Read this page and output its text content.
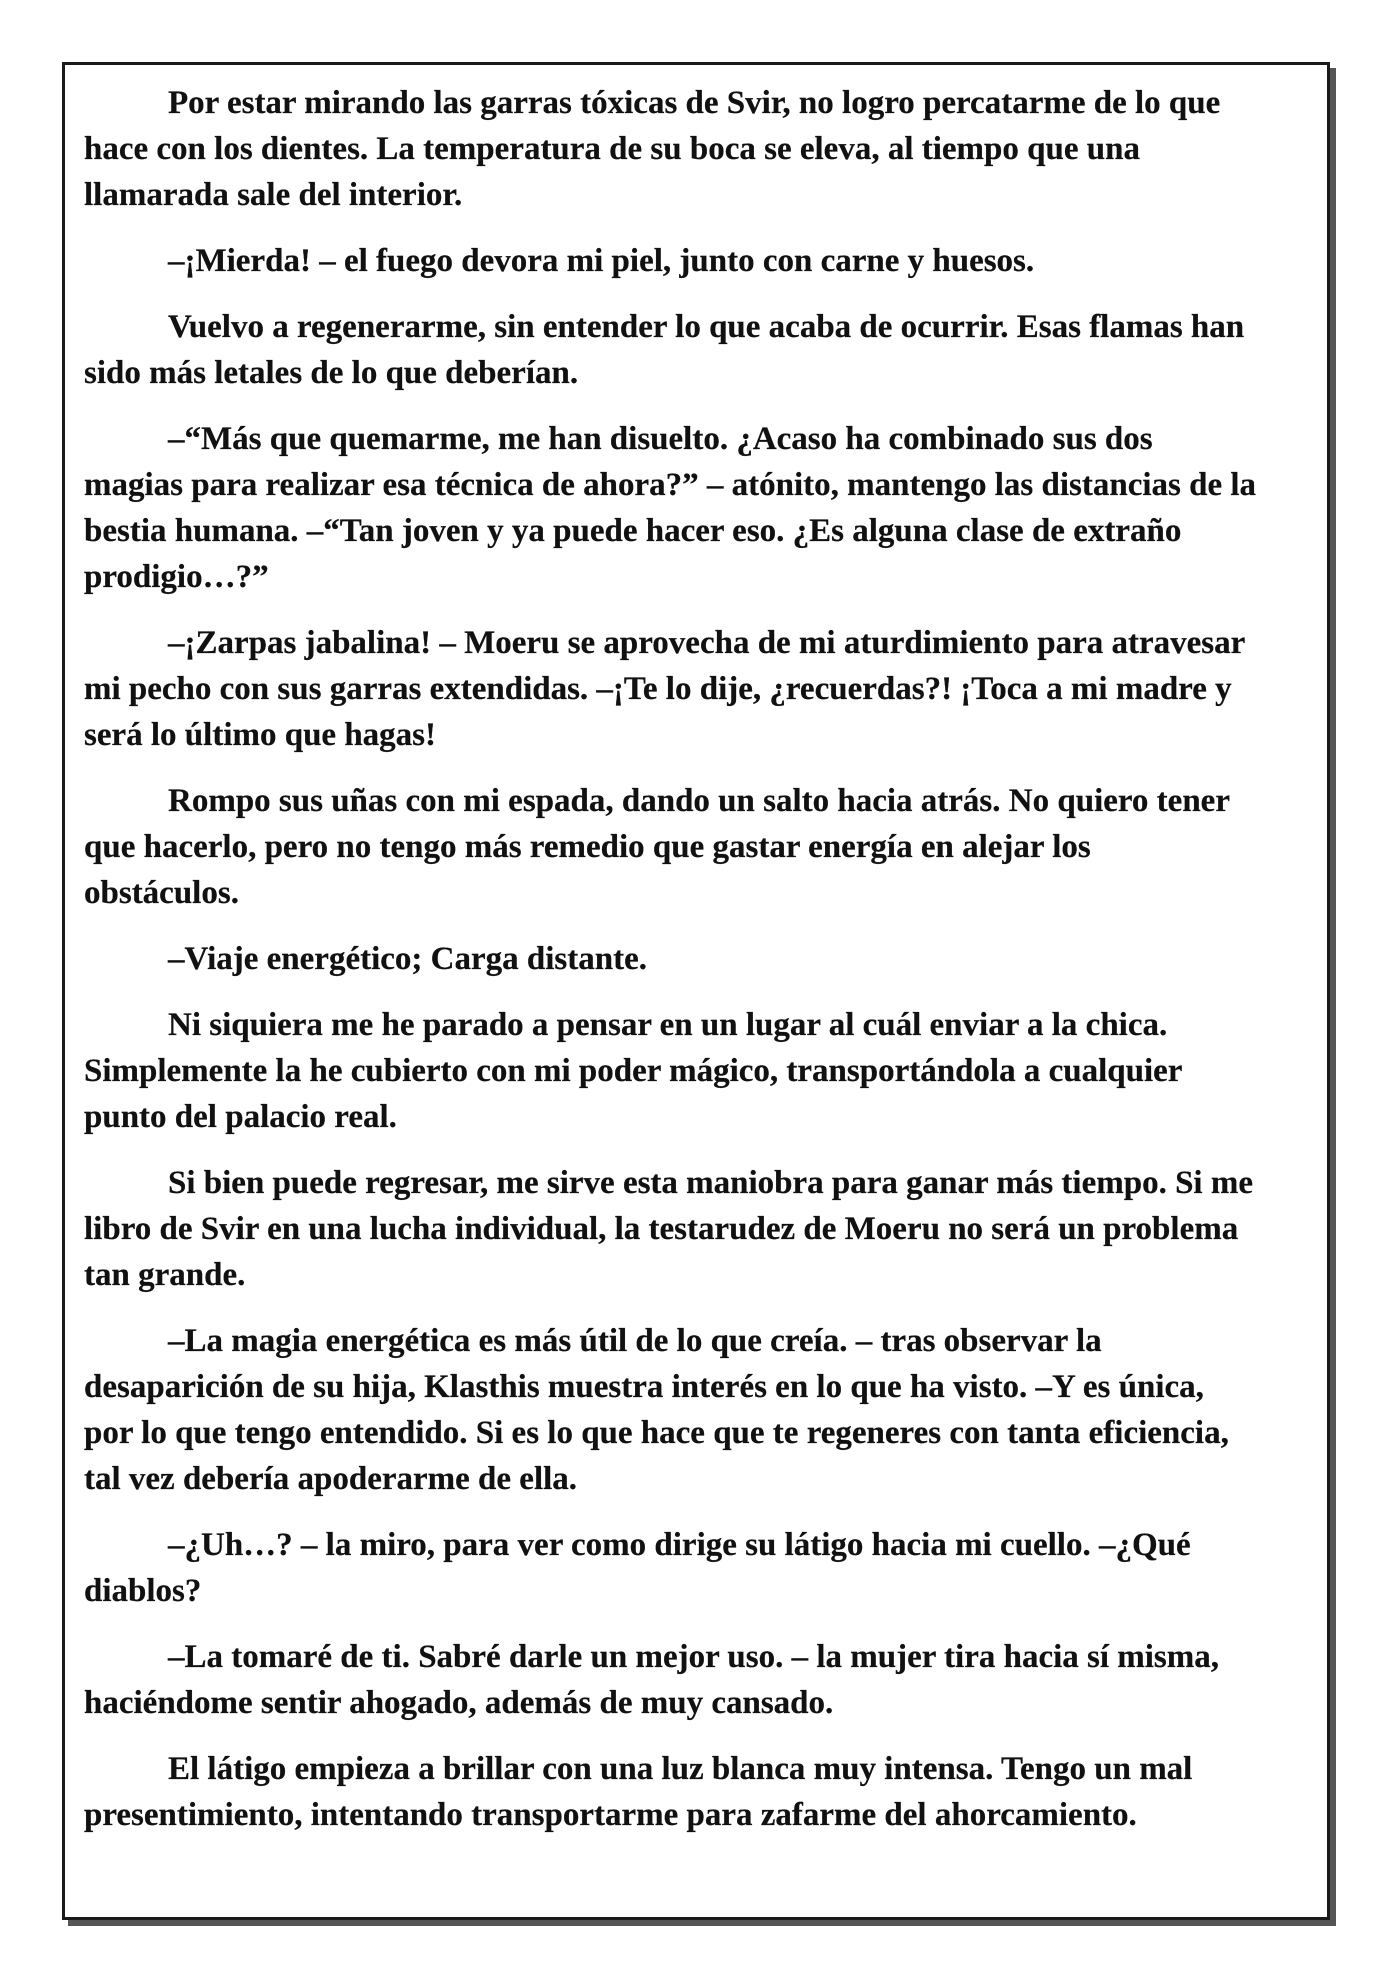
Por estar mirando las garras tóxicas de Svir, no logro percatarme de lo que
hace con los dientes. La temperatura de su boca se eleva, al tiempo que una
llamarada sale del interior.
–¡Mierda! – el fuego devora mi piel, junto con carne y huesos.
Vuelvo a regenerarme, sin entender lo que acaba de ocurrir. Esas flamas han
sido más letales de lo que deberían.
–“Más que quemarme, me han disuelto. ¿Acaso ha combinado sus dos
magias para realizar esa técnica de ahora?” – atónito, mantengo las distancias de la
bestia humana. –“Tan joven y ya puede hacer eso. ¿Es alguna clase de extraño
prodigio…?”
–¡Zarpas jabalina! – Moeru se aprovecha de mi aturdimiento para atravesar
mi pecho con sus garras extendidas. –¡Te lo dije, ¿recuerdas?! ¡Toca a mi madre y
será lo último que hagas!
Rompo sus uñas con mi espada, dando un salto hacia atrás. No quiero tener
que hacerlo, pero no tengo más remedio que gastar energía en alejar los
obstáculos.
–Viaje energético; Carga distante.
Ni siquiera me he parado a pensar en un lugar al cuál enviar a la chica.
Simplemente la he cubierto con mi poder mágico, transportándola a cualquier
punto del palacio real.
Si bien puede regresar, me sirve esta maniobra para ganar más tiempo. Si me
libro de Svir en una lucha individual, la testarudez de Moeru no será un problema
tan grande.
–La magia energética es más útil de lo que creía. – tras observar la
desaparición de su hija, Klasthis muestra interés en lo que ha visto. –Y es única,
por lo que tengo entendido. Si es lo que hace que te regeneres con tanta eficiencia,
tal vez debería apoderarme de ella.
–¿Uh…? – la miro, para ver como dirige su látigo hacia mi cuello. –¿Qué
diablos?
–La tomaré de ti. Sabré darle un mejor uso. – la mujer tira hacia sí misma,
haciéndome sentir ahogado, además de muy cansado.
El látigo empieza a brillar con una luz blanca muy intensa. Tengo un mal
presentimiento, intentando transportarme para zafarme del ahorcamiento.
